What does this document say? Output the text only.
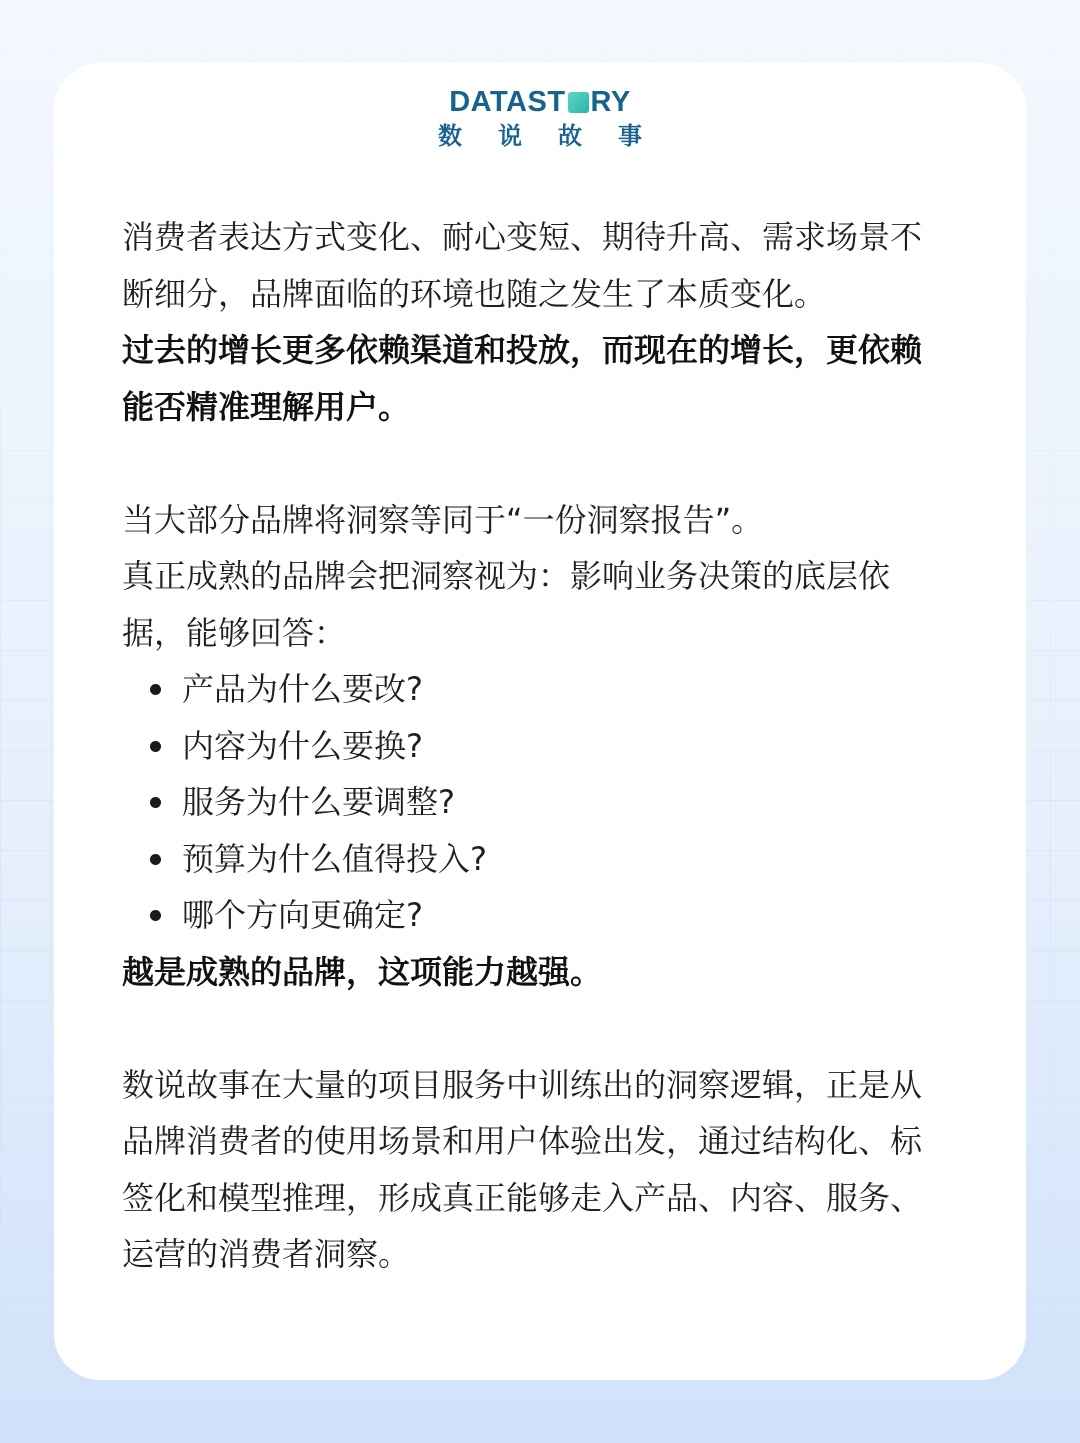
DATAST RY
数说故事

消费者表达方式变化、耐心变短、期待升高、需求场景不断细分，品牌面临的环境也随之发生了本质变化。

过去的增长更多依赖渠道和投放，而现在的增长，更依赖能否精准理解用户。

当大部分品牌将洞察等同于“一份洞察报告”。

真正成熟的品牌会把洞察视为：影响业务决策的底层依据，能够回答：

产品为什么要改?
内容为什么要换?
服务为什么要调整?
预算为什么值得投入?
哪个方向更确定?

越是成熟的品牌，这项能力越强。

数说故事在大量的项目服务中训练出的洞察逻辑，正是从品牌消费者的使用场景和用户体验出发，通过结构化、标签化和模型推理，形成真正能够走入产品、内容、服务、运营的消费者洞察。
